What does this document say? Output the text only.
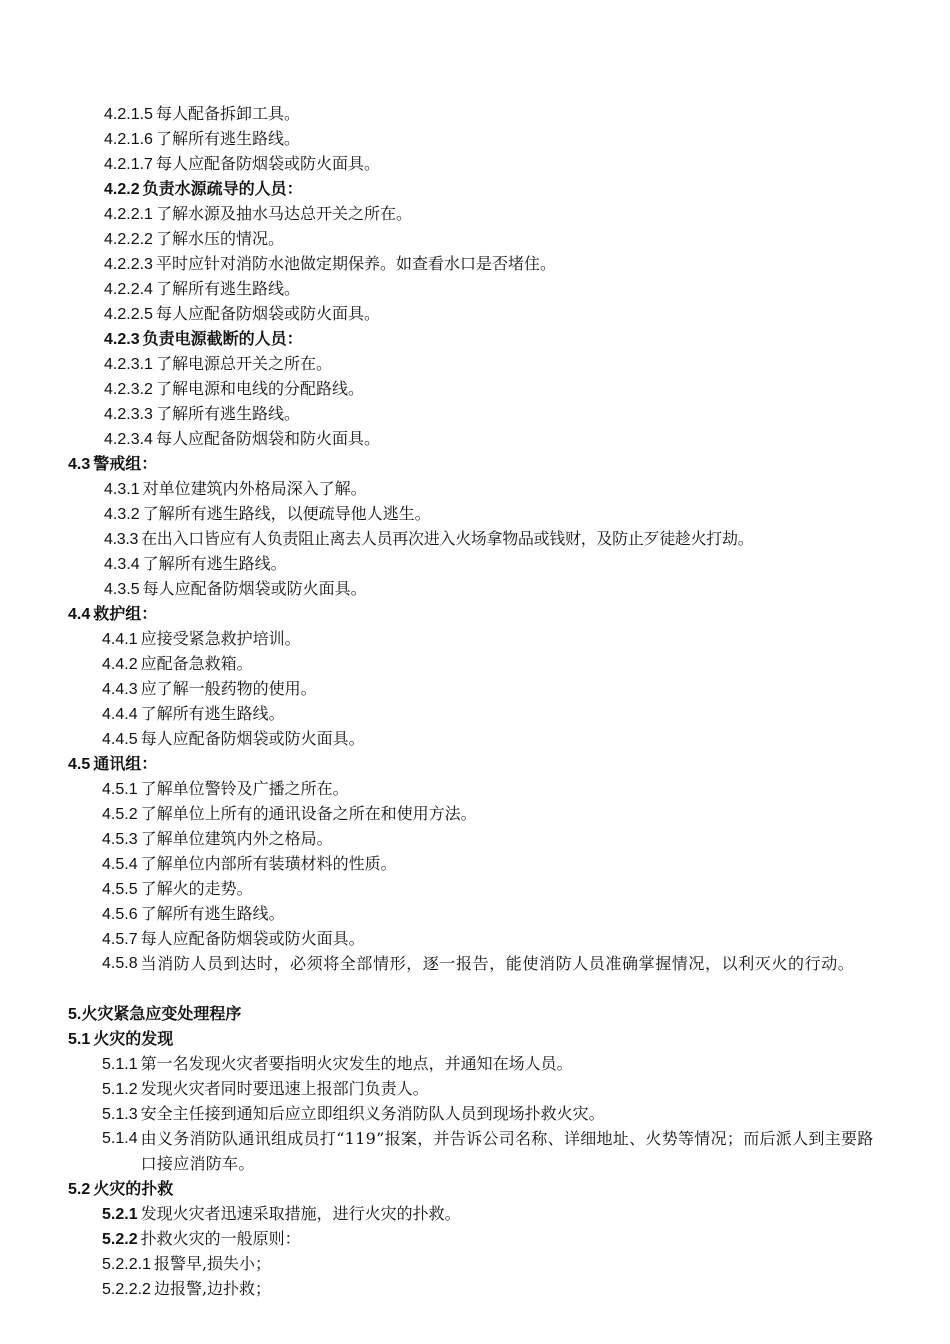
4.2.1.5 每人配备拆卸工具。
4.2.1.6 了解所有逃生路线。
4.2.1.7 每人应配备防烟袋或防火面具。
4.2.2 负责水源疏导的人员：
4.2.2.1 了解水源及抽水马达总开关之所在。
4.2.2.2 了解水压的情况。
4.2.2.3 平时应针对消防水池做定期保养。如查看水口是否堵住。
4.2.2.4 了解所有逃生路线。
4.2.2.5 每人应配备防烟袋或防火面具。
4.2.3 负责电源截断的人员：
4.2.3.1 了解电源总开关之所在。
4.2.3.2 了解电源和电线的分配路线。
4.2.3.3 了解所有逃生路线。
4.2.3.4 每人应配备防烟袋和防火面具。
4.3 警戒组：
4.3.1 对单位建筑内外格局深入了解。
4.3.2 了解所有逃生路线，以便疏导他人逃生。
4.3.3 在出入口皆应有人负责阻止离去人员再次进入火场拿物品或钱财，及防止歹徒趁火打劫。
4.3.4 了解所有逃生路线。
4.3.5 每人应配备防烟袋或防火面具。
4.4 救护组：
4.4.1 应接受紧急救护培训。
4.4.2 应配备急救箱。
4.4.3 应了解一般药物的使用。
4.4.4 了解所有逃生路线。
4.4.5 每人应配备防烟袋或防火面具。
4.5 通讯组：
4.5.1 了解单位警铃及广播之所在。
4.5.2 了解单位上所有的通讯设备之所在和使用方法。
4.5.3 了解单位建筑内外之格局。
4.5.4 了解单位内部所有装璜材料的性质。
4.5.5 了解火的走势。
4.5.6 了解所有逃生路线。
4.5.7 每人应配备防烟袋或防火面具。
4.5.8 当消防人员到达时，必须将全部情形，逐一报告，能使消防人员准确掌握情况，以利灭火的行动。
5.火灾紧急应变处理程序
5.1 火灾的发现
5.1.1 第一名发现火灾者要指明火灾发生的地点，并通知在场人员。
5.1.2 发现火灾者同时要迅速上报部门负责人。
5.1.3 安全主任接到通知后应立即组织义务消防队人员到现场扑救火灾。
5.1.4 由义务消防队通讯组成员打“119”报案，并告诉公司名称、详细地址、火势等情况；而后派人到主要路口接应消防车。
5.2 火灾的扑救
5.2.1 发现火灾者迅速采取措施，进行火灾的扑救。
5.2.2 扑救火灾的一般原则：
5.2.2.1 报警早,损失小；
5.2.2.2 边报警,边扑救；
